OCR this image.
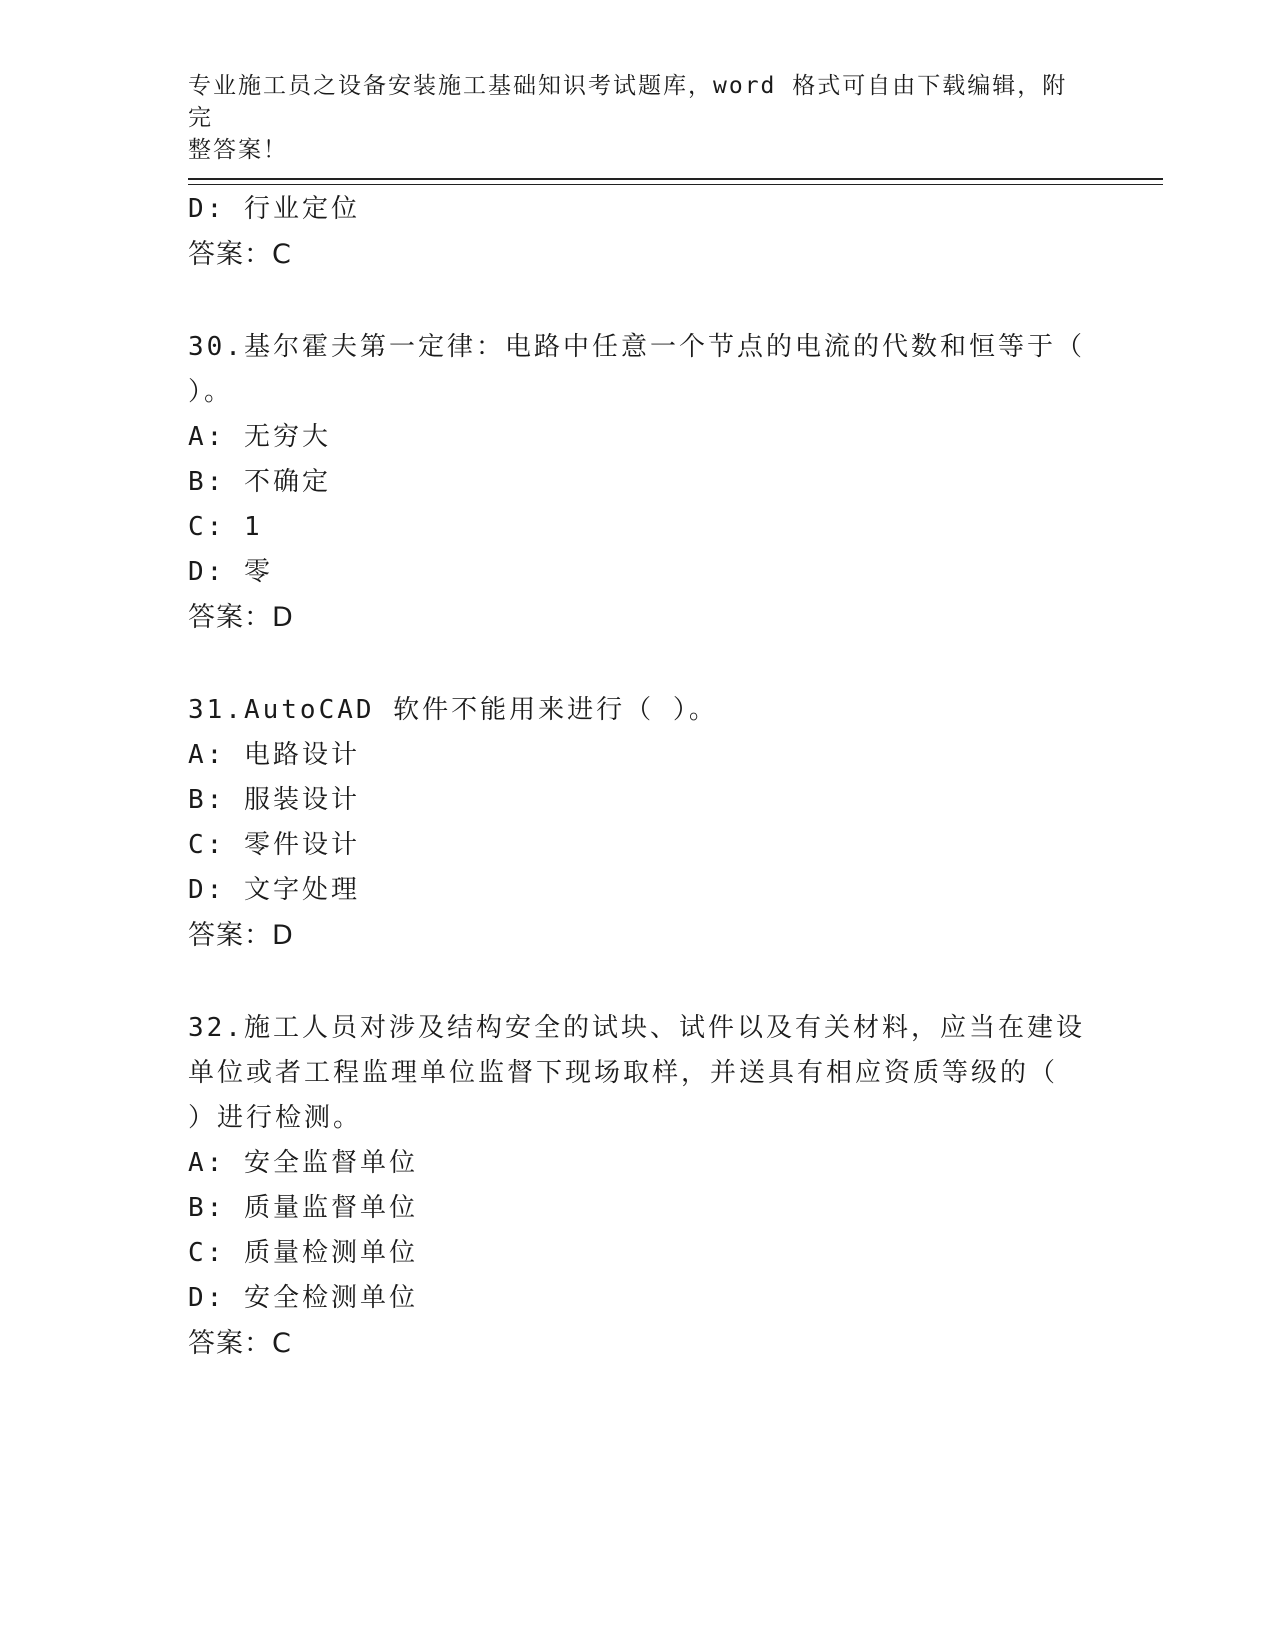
专业施工员之设备安装施工基础知识考试题库，word 格式可自由下载编辑，附完
整答案！
D: 行业定位
答案：C
30.基尔霍夫第一定律：电路中任意一个节点的电流的代数和恒等于（
）。
A: 无穷大
B: 不确定
C: 1
D: 零
答案：D
31.AutoCAD 软件不能用来进行（ ）。
A: 电路设计
B: 服装设计
C: 零件设计
D: 文字处理
答案：D
32.施工人员对涉及结构安全的试块、试件以及有关材料，应当在建设
单位或者工程监理单位监督下现场取样，并送具有相应资质等级的（
）进行检测。
A: 安全监督单位
B: 质量监督单位
C: 质量检测单位
D: 安全检测单位
答案：C
